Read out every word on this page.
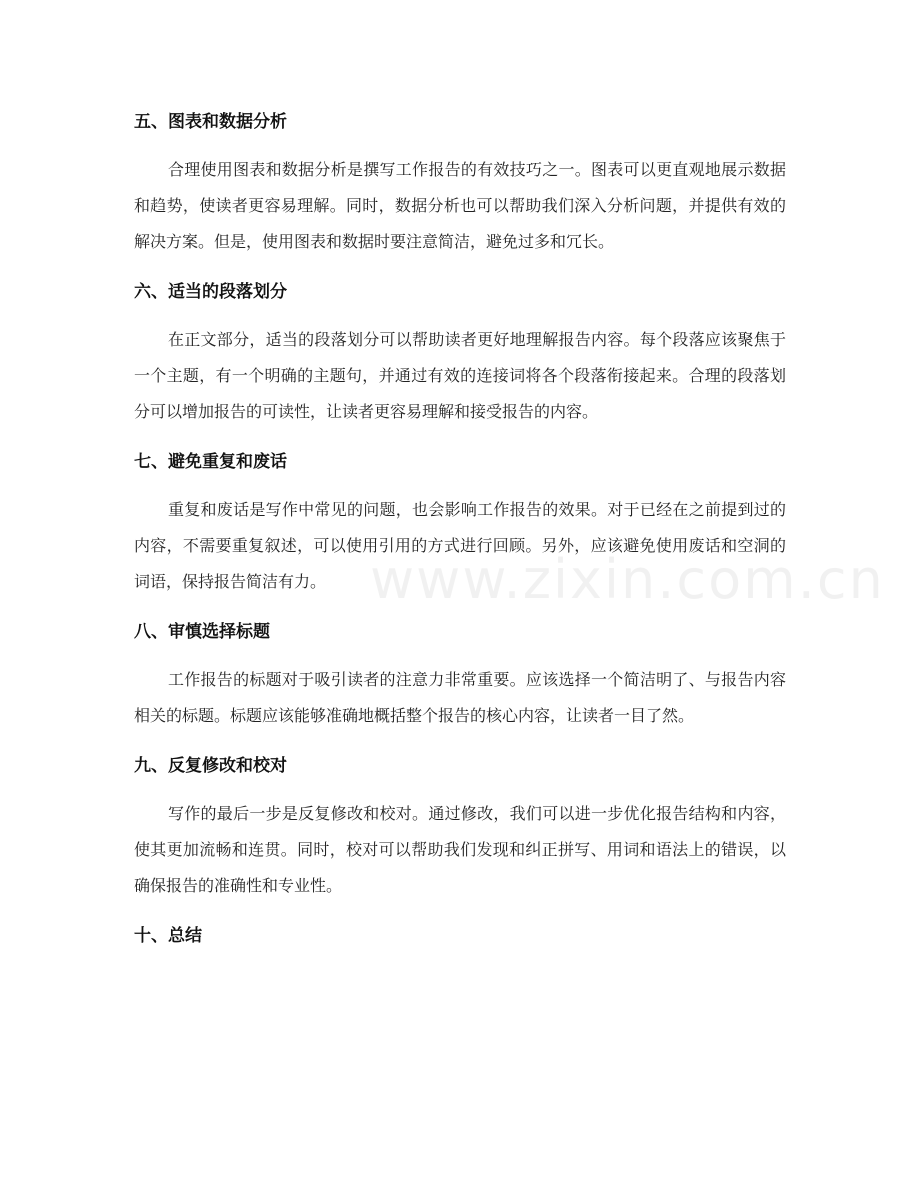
www.zixin.com.cn
五、图表和数据分析

合理使用图表和数据分析是撰写工作报告的有效技巧之一。图表可以更直观地展示数据和趋势，使读者更容易理解。同时，数据分析也可以帮助我们深入分析问题，并提供有效的解决方案。但是，使用图表和数据时要注意简洁，避免过多和冗长。

六、适当的段落划分

在正文部分，适当的段落划分可以帮助读者更好地理解报告内容。每个段落应该聚焦于一个主题，有一个明确的主题句，并通过有效的连接词将各个段落衔接起来。合理的段落划分可以增加报告的可读性，让读者更容易理解和接受报告的内容。

七、避免重复和废话

重复和废话是写作中常见的问题，也会影响工作报告的效果。对于已经在之前提到过的内容，不需要重复叙述，可以使用引用的方式进行回顾。另外，应该避免使用废话和空洞的词语，保持报告简洁有力。

八、审慎选择标题

工作报告的标题对于吸引读者的注意力非常重要。应该选择一个简洁明了、与报告内容相关的标题。标题应该能够准确地概括整个报告的核心内容，让读者一目了然。

九、反复修改和校对

写作的最后一步是反复修改和校对。通过修改，我们可以进一步优化报告结构和内容，使其更加流畅和连贯。同时，校对可以帮助我们发现和纠正拼写、用词和语法上的错误，以确保报告的准确性和专业性。

十、总结
